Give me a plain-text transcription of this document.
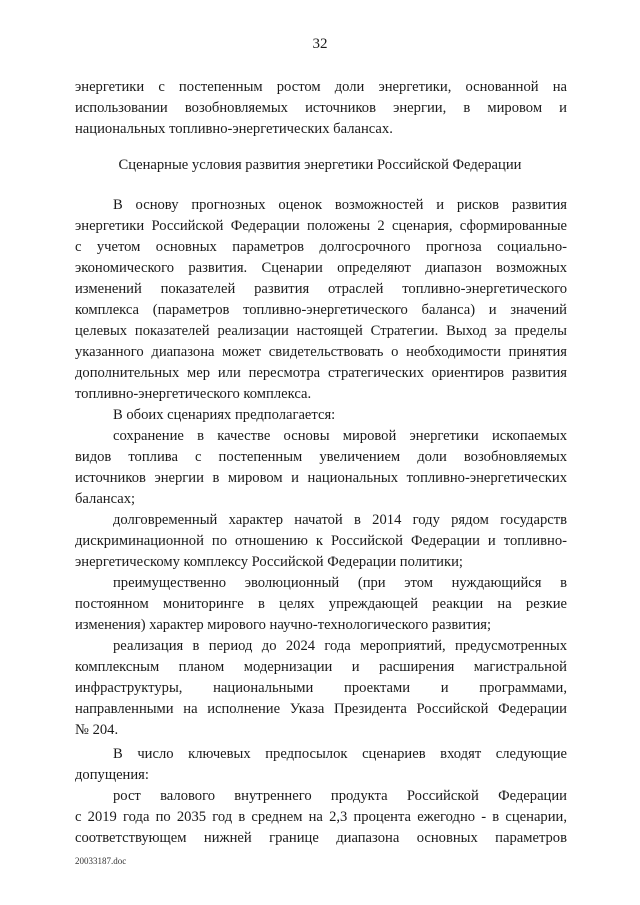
32
энергетики с постепенным ростом доли энергетики, основанной на
использовании возобновляемых источников энергии, в мировом и
национальных топливно-энергетических балансах.
Сценарные условия развития энергетики Российской Федерации
В основу прогнозных оценок возможностей и рисков развития
энергетики Российской Федерации положены 2 сценария, сформированные
с учетом основных параметров долгосрочного прогноза социально-
экономического развития. Сценарии определяют диапазон возможных
изменений показателей развития отраслей топливно-энергетического
комплекса (параметров топливно-энергетического баланса) и значений
целевых показателей реализации настоящей Стратегии. Выход за пределы
указанного диапазона может свидетельствовать о необходимости принятия
дополнительных мер или пересмотра стратегических ориентиров развития
топливно-энергетического комплекса.
В обоих сценариях предполагается:
сохранение в качестве основы мировой энергетики ископаемых
видов топлива с постепенным увеличением доли возобновляемых
источников энергии в мировом и национальных топливно-энергетических
балансах;
долговременный характер начатой в 2014 году рядом государств
дискриминационной по отношению к Российской Федерации и топливно-
энергетическому комплексу Российской Федерации политики;
преимущественно эволюционный (при этом нуждающийся в
постоянном мониторинге в целях упреждающей реакции на резкие
изменения) характер мирового научно-технологического развития;
реализация в период до 2024 года мероприятий, предусмотренных
комплексным планом модернизации и расширения магистральной
инфраструктуры, национальными проектами и программами,
направленными на исполнение Указа Президента Российской Федерации
№ 204.
В число ключевых предпосылок сценариев входят следующие
допущения:
рост валового внутреннего продукта Российской Федерации
с 2019 года по 2035 год в среднем на 2,3 процента ежегодно - в сценарии,
соответствующем нижней границе диапазона основных параметров
20033187.doc
